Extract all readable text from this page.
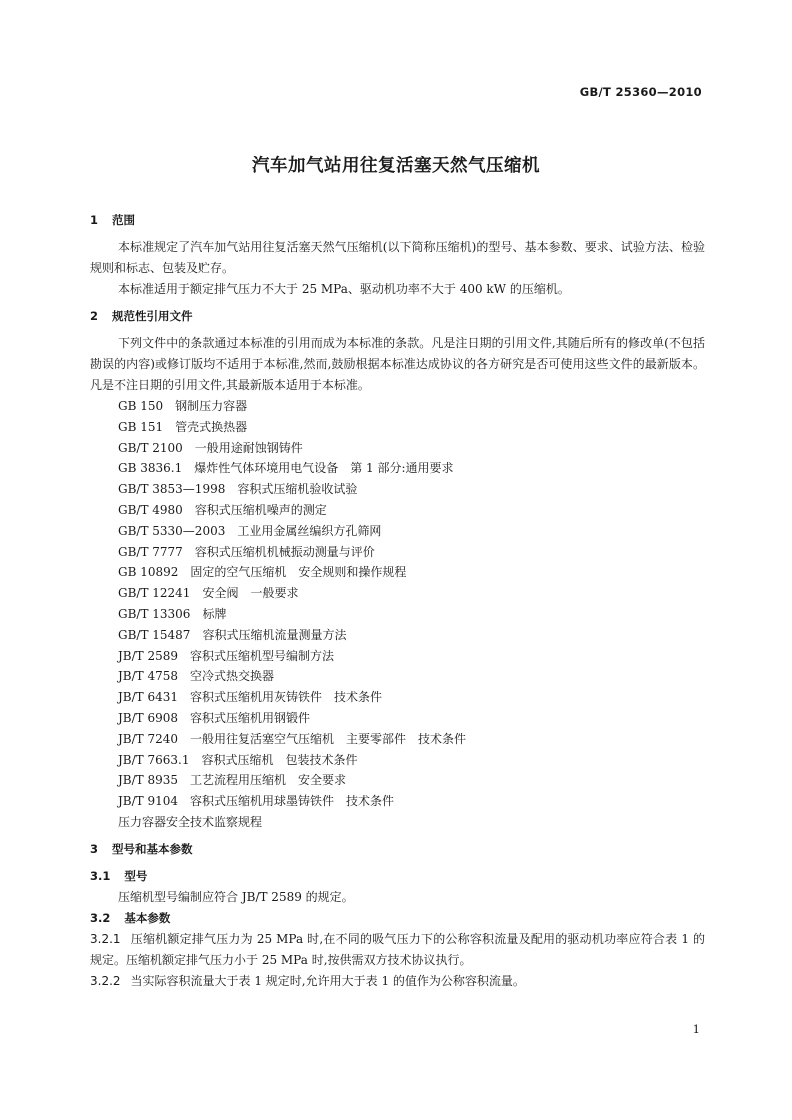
GB/T 25360—2010
汽车加气站用往复活塞天然气压缩机
1 范围
本标准规定了汽车加气站用往复活塞天然气压缩机(以下简称压缩机)的型号、基本参数、要求、试验方法、检验规则和标志、包装及贮存。
本标准适用于额定排气压力不大于 25 MPa、驱动机功率不大于 400 kW 的压缩机。
2 规范性引用文件
下列文件中的条款通过本标准的引用而成为本标准的条款。凡是注日期的引用文件,其随后所有的修改单(不包括勘误的内容)或修订版均不适用于本标准,然而,鼓励根据本标准达成协议的各方研究是否可使用这些文件的最新版本。凡是不注日期的引用文件,其最新版本适用于本标准。
GB 150　钢制压力容器
GB 151　管壳式换热器
GB/T 2100　一般用途耐蚀钢铸件
GB 3836.1　爆炸性气体环境用电气设备　第 1 部分:通用要求
GB/T 3853—1998　容积式压缩机验收试验
GB/T 4980　容积式压缩机噪声的测定
GB/T 5330—2003　工业用金属丝编织方孔筛网
GB/T 7777　容积式压缩机机械振动测量与评价
GB 10892　固定的空气压缩机　安全规则和操作规程
GB/T 12241　安全阀　一般要求
GB/T 13306　标牌
GB/T 15487　容积式压缩机流量测量方法
JB/T 2589　容积式压缩机型号编制方法
JB/T 4758　空冷式热交换器
JB/T 6431　容积式压缩机用灰铸铁件　技术条件
JB/T 6908　容积式压缩机用钢锻件
JB/T 7240　一般用往复活塞空气压缩机　主要零部件　技术条件
JB/T 7663.1　容积式压缩机　包装技术条件
JB/T 8935　工艺流程用压缩机　安全要求
JB/T 9104　容积式压缩机用球墨铸铁件　技术条件
压力容器安全技术监察规程
3 型号和基本参数
3.1 型号
压缩机型号编制应符合 JB/T 2589 的规定。
3.2 基本参数
3.2.1 压缩机额定排气压力为 25 MPa 时,在不同的吸气压力下的公称容积流量及配用的驱动机功率应符合表 1 的规定。压缩机额定排气压力小于 25 MPa 时,按供需双方技术协议执行。
3.2.2 当实际容积流量大于表 1 规定时,允许用大于表 1 的值作为公称容积流量。
1
